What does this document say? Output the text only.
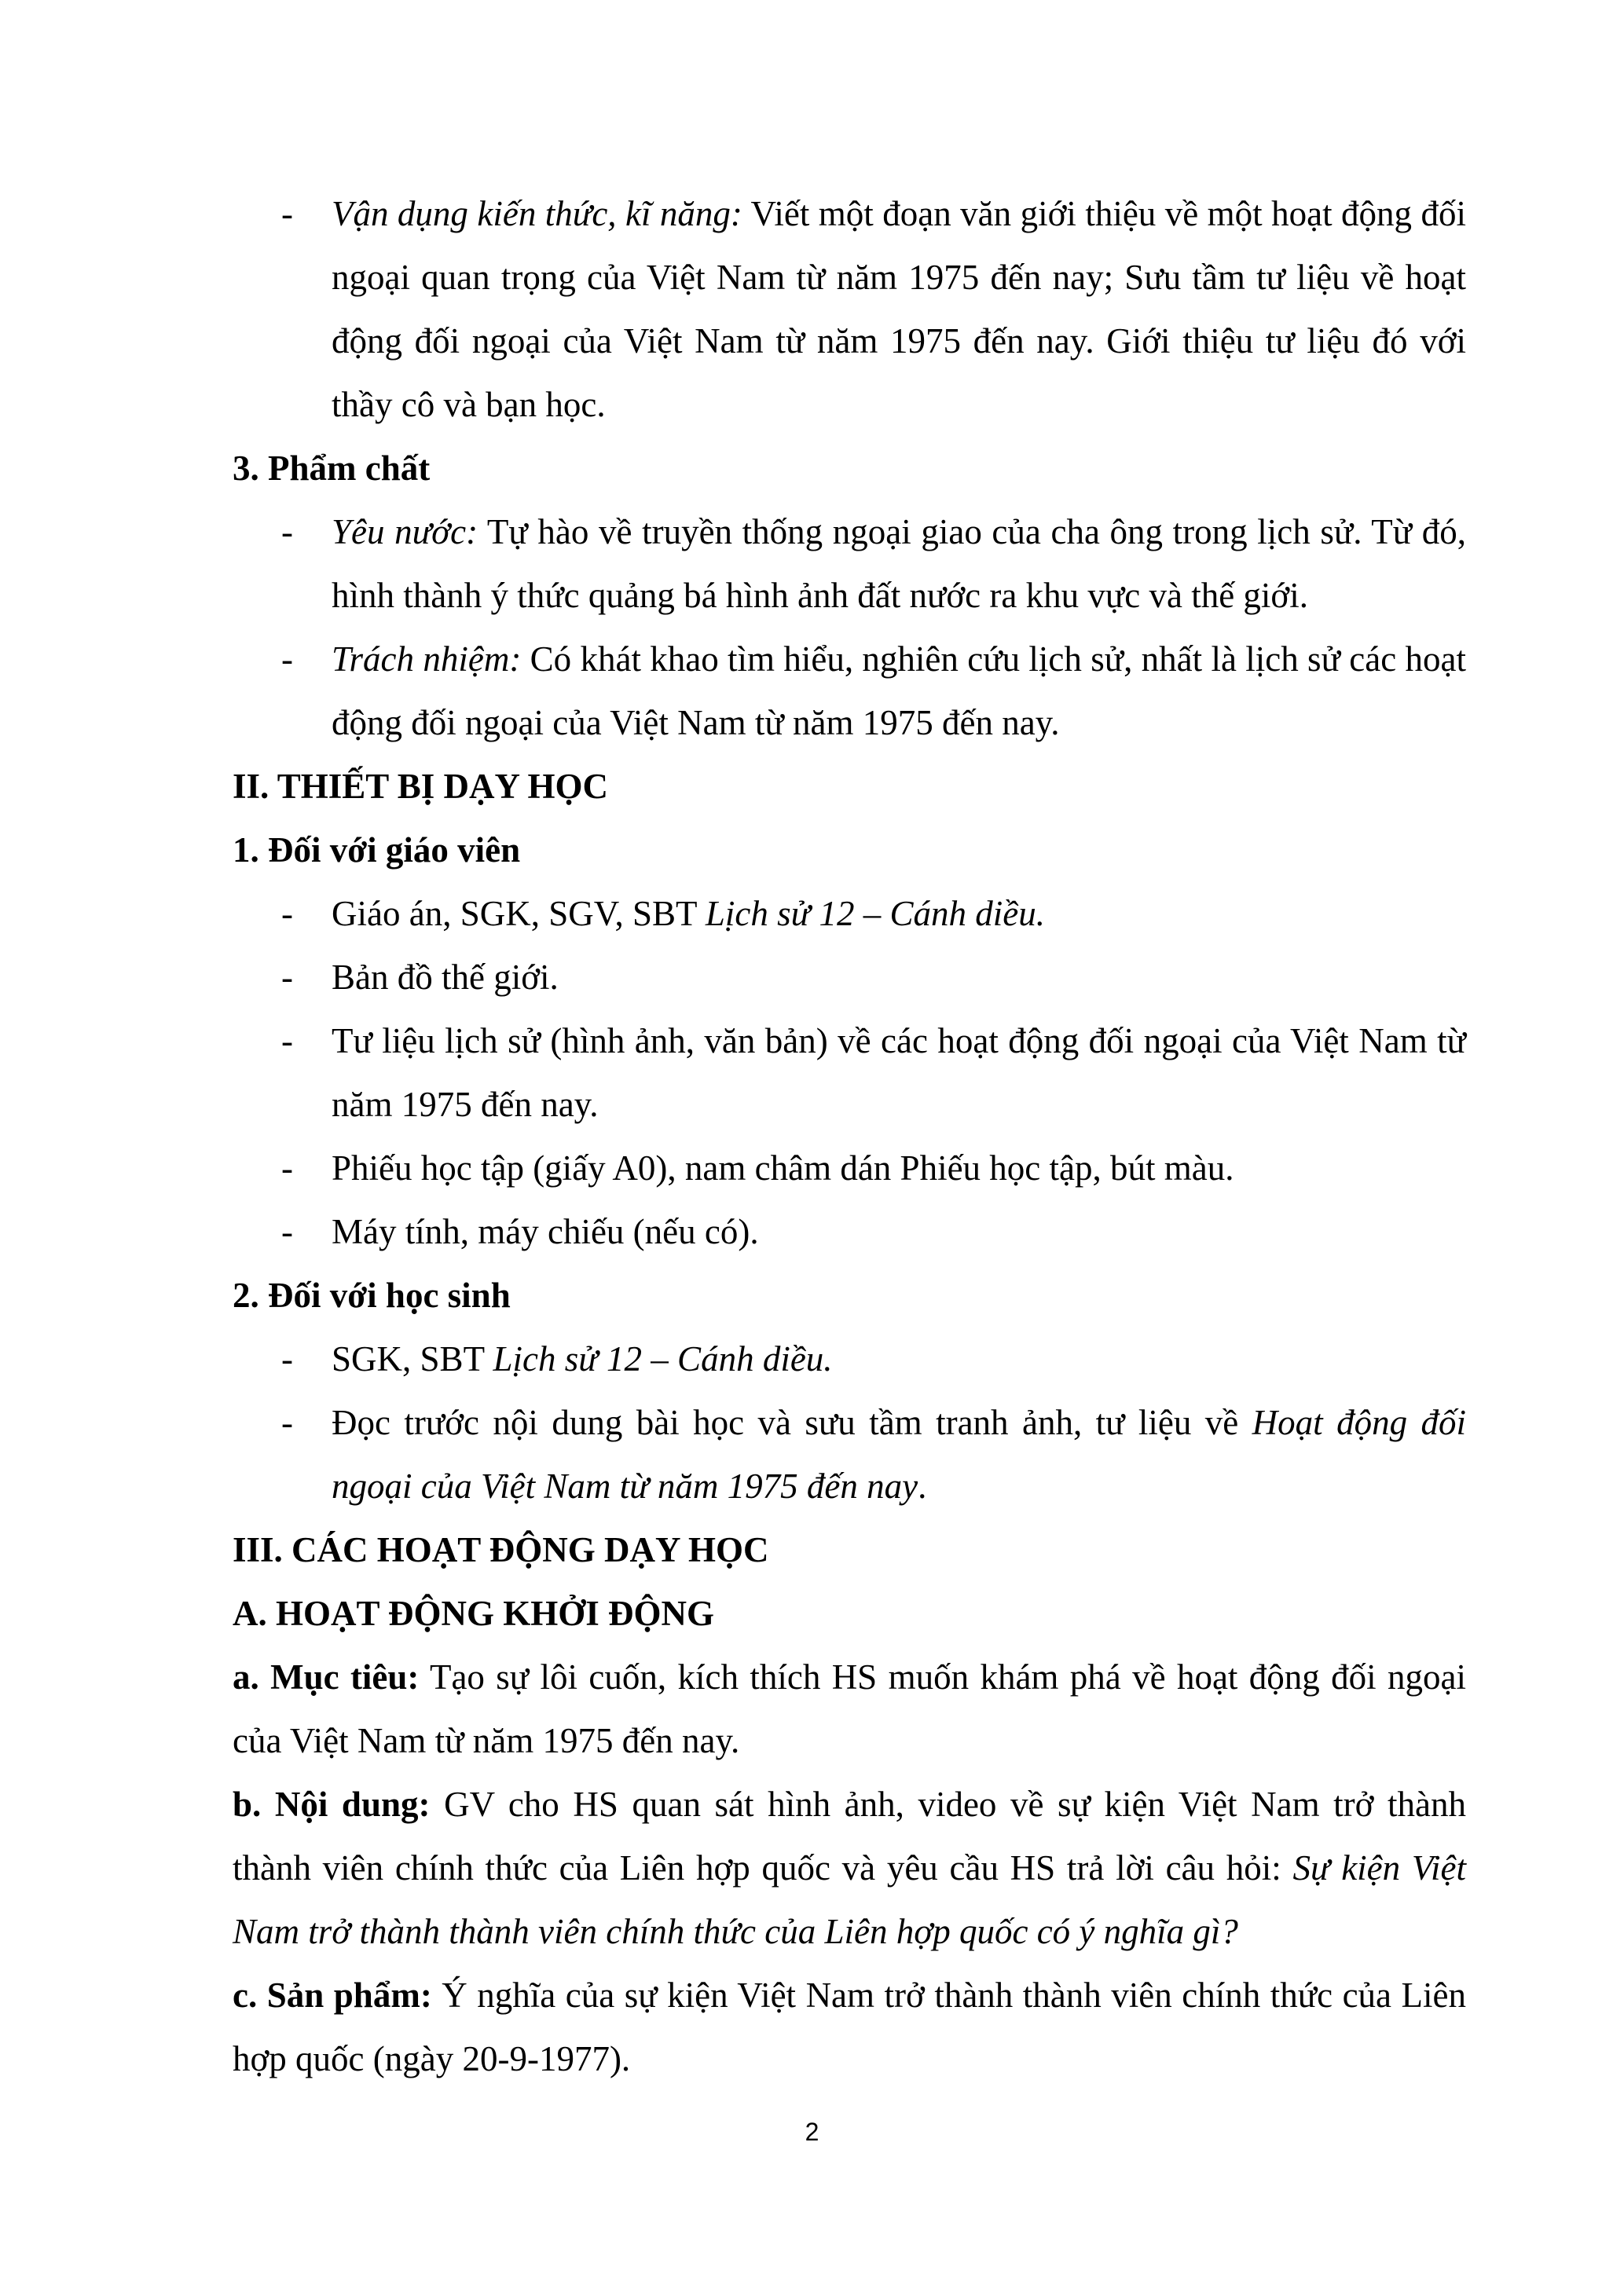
- Vận dụng kiến thức, kĩ năng: Viết một đoạn văn giới thiệu về một hoạt động đối ngoại quan trọng của Việt Nam từ năm 1975 đến nay; Sưu tầm tư liệu về hoạt động đối ngoại của Việt Nam từ năm 1975 đến nay. Giới thiệu tư liệu đó với thầy cô và bạn học.
3. Phẩm chất
- Yêu nước: Tự hào về truyền thống ngoại giao của cha ông trong lịch sử. Từ đó, hình thành ý thức quảng bá hình ảnh đất nước ra khu vực và thế giới.
- Trách nhiệm: Có khát khao tìm hiểu, nghiên cứu lịch sử, nhất là lịch sử các hoạt động đối ngoại của Việt Nam từ năm 1975 đến nay.
II. THIẾT BỊ DẠY HỌC
1. Đối với giáo viên
- Giáo án, SGK, SGV, SBT Lịch sử 12 – Cánh diều.
- Bản đồ thế giới.
- Tư liệu lịch sử (hình ảnh, văn bản) về các hoạt động đối ngoại của Việt Nam từ năm 1975 đến nay.
- Phiếu học tập (giấy A0), nam châm dán Phiếu học tập, bút màu.
- Máy tính, máy chiếu (nếu có).
2. Đối với học sinh
- SGK, SBT Lịch sử 12 – Cánh diều.
- Đọc trước nội dung bài học và sưu tầm tranh ảnh, tư liệu về Hoạt động đối ngoại của Việt Nam từ năm 1975 đến nay.
III. CÁC HOẠT ĐỘNG DẠY HỌC
A. HOẠT ĐỘNG KHỞI ĐỘNG
a. Mục tiêu: Tạo sự lôi cuốn, kích thích HS muốn khám phá về hoạt động đối ngoại của Việt Nam từ năm 1975 đến nay.
b. Nội dung: GV cho HS quan sát hình ảnh, video về sự kiện Việt Nam trở thành thành viên chính thức của Liên hợp quốc và yêu cầu HS trả lời câu hỏi: Sự kiện Việt Nam trở thành thành viên chính thức của Liên hợp quốc có ý nghĩa gì?
c. Sản phẩm: Ý nghĩa của sự kiện Việt Nam trở thành thành viên chính thức của Liên hợp quốc (ngày 20-9-1977).
2
